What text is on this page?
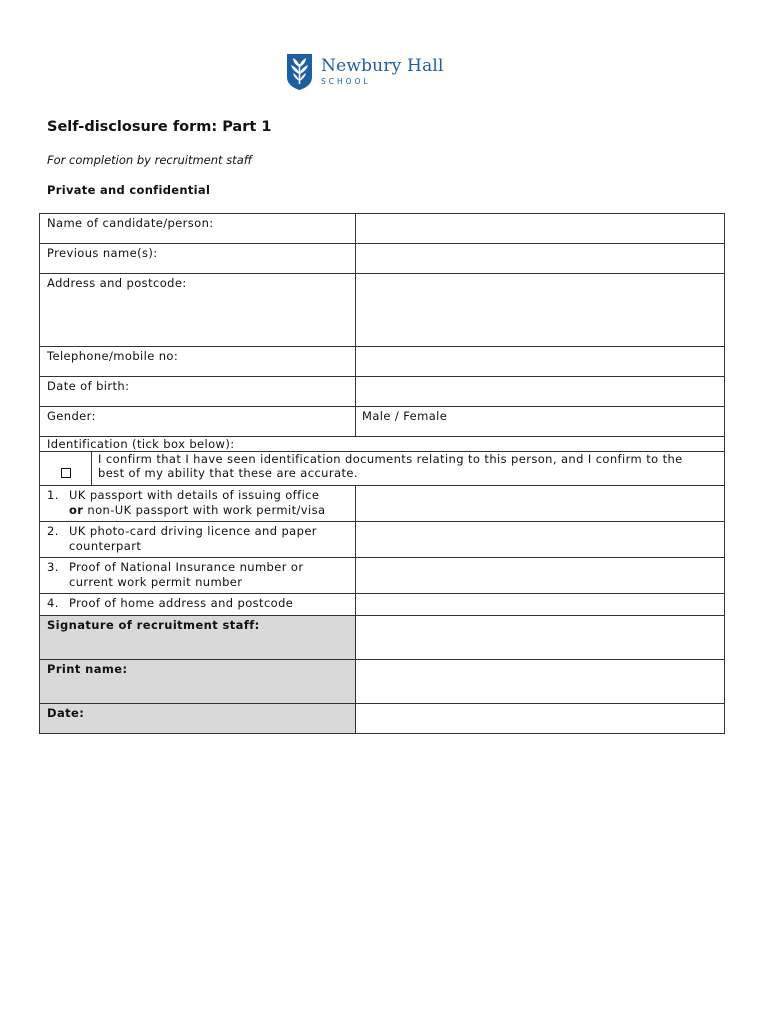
Newbury Hall
SCHOOL
Self-disclosure form: Part 1
For completion by recruitment staff
Private and confidential
Name of candidate/person:
Previous name(s):
Address and postcode:
Telephone/mobile no:
Date of birth:
Gender:	Male / Female
Identification (tick box below):
I confirm that I have seen identification documents relating to this person, and I confirm to the
best of my ability that these are accurate.
1. UK passport with details of issuing office
or non-UK passport with work permit/visa
2. UK photo-card driving licence and paper
counterpart
3. Proof of National Insurance number or
current work permit number
4. Proof of home address and postcode
Signature of recruitment staff:
Print name:
Date:
